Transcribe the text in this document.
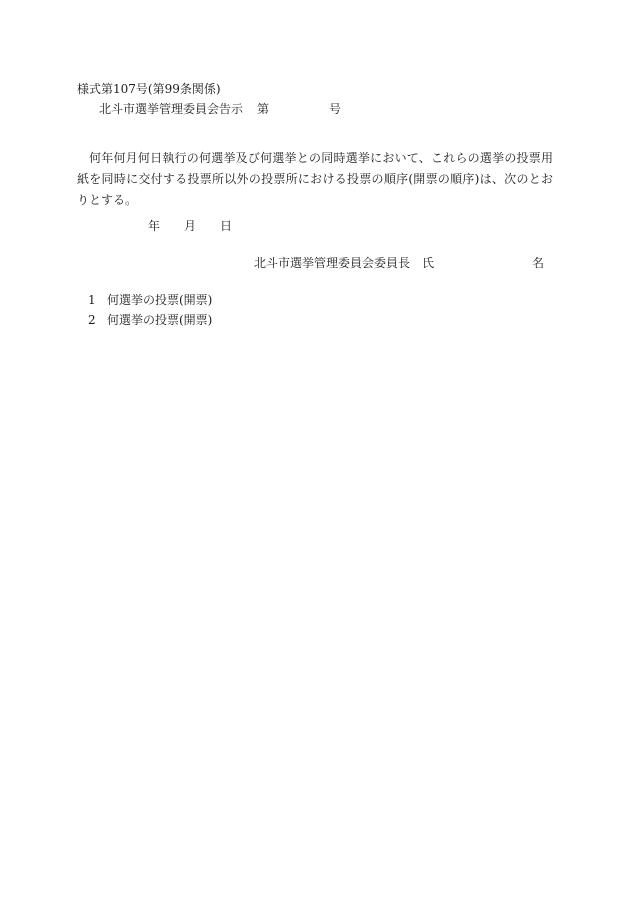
様式第107号(第99条関係)
北斗市選挙管理委員会告示 第	号

何年何月何日執行の何選挙及び何選挙との同時選挙において、これらの選挙の投票用紙を同時に交付する投票所以外の投票所における投票の順序(開票の順序)は、次のとおりとする。

年 月 日
北斗市選挙管理委員会委員長 氏	名
1 何選挙の投票(開票)
2 何選挙の投票(開票)
